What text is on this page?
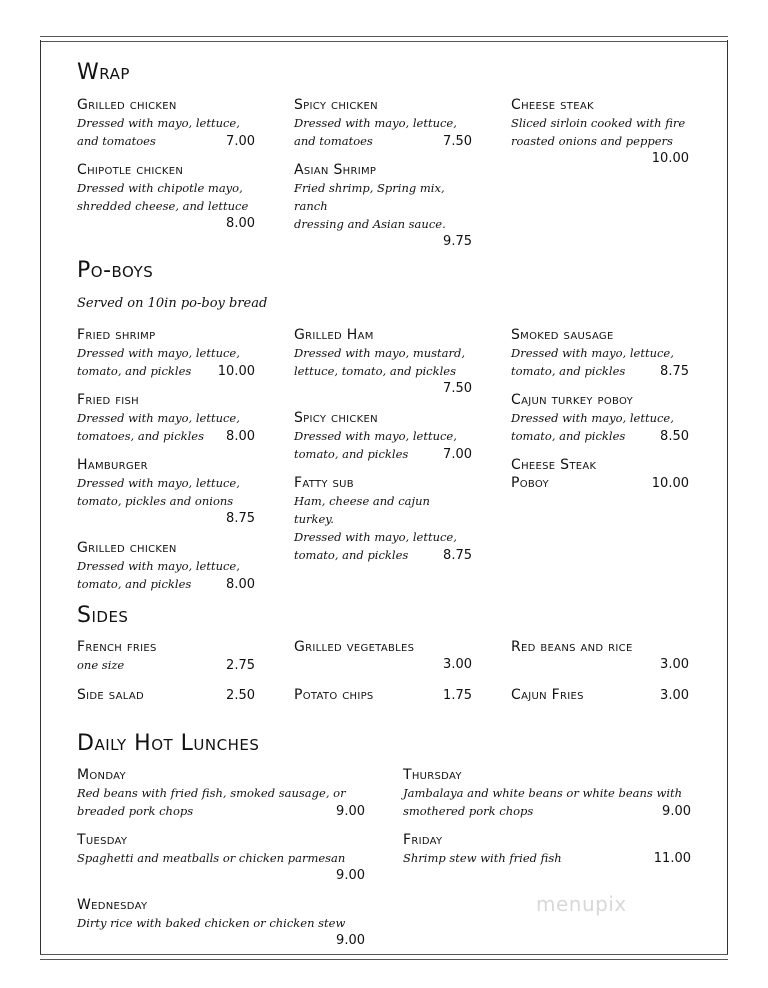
Wrap
Grilled chicken
Dressed with mayo, lettuce,
and tomatoes	7.00
Chipotle chicken
Dressed with chipotle mayo,
shredded cheese, and lettuce
8.00
Spicy chicken
Dressed with mayo, lettuce,
and tomatoes	7.50
Asian Shrimp
Fried shrimp, Spring mix, ranch
dressing and Asian sauce.
9.75
Cheese steak
Sliced sirloin cooked with fire
roasted onions and peppers
10.00
Po-boys
Served on 10in po-boy bread
Fried shrimp
Dressed with mayo, lettuce,
tomato, and pickles 10.00
Fried fish
Dressed with mayo, lettuce,
tomatoes, and pickles 8.00
Hamburger
Dressed with mayo, lettuce,
tomato, pickles and onions
8.75
Grilled chicken
Dressed with mayo, lettuce,
tomato, and pickles	8.00
Grilled Ham
Dressed with mayo, mustard,
lettuce, tomato, and pickles
7.50
Spicy chicken
Dressed with mayo, lettuce,
tomato, and pickles	7.00
Fatty sub
Ham, cheese and cajun turkey.
Dressed with mayo, lettuce,
tomato, and pickles	8.75
Smoked sausage
Dressed with mayo, lettuce,
tomato, and pickles	8.75
Cajun turkey poboy
Dressed with mayo, lettuce,
tomato, and pickles	8.50
Cheese Steak
Poboy	10.00
Sides
French fries
one size	2.75
Side salad	2.50
Grilled vegetables
3.00
Potato chips	1.75
Red beans and rice
3.00
Cajun Fries	3.00
Daily Hot Lunches
Monday
Red beans with fried fish, smoked sausage, or
breaded pork chops	9.00
Tuesday
Spaghetti and meatballs or chicken parmesan
9.00
Wednesday
Dirty rice with baked chicken or chicken stew
9.00
Thursday
Jambalaya and white beans or white beans with
smothered pork chops	9.00
Friday
Shrimp stew with fried fish	11.00
menupix
